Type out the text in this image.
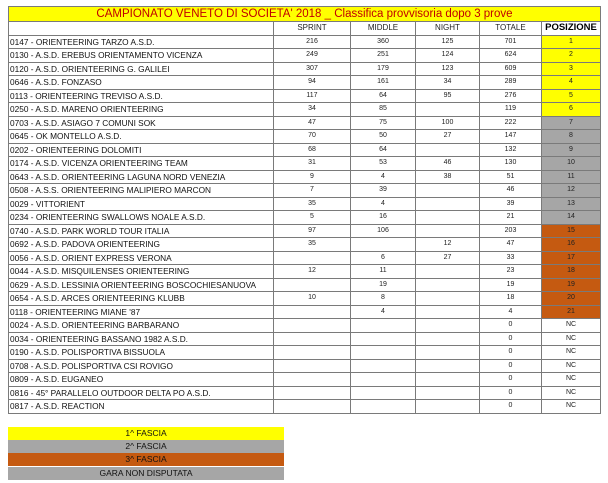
CAMPIONATO VENETO DI SOCIETA' 2018 _ Classifica provvisoria dopo 3 prove					
	SPRINT	MIDDLE	NIGHT	TOTALE	POSIZIONE
0147 - ORIENTEERING TARZO A.S.D.	216	360	125	701	1
0130 - A.S.D. EREBUS ORIENTAMENTO VICENZA	249	251	124	624	2
0120 - A.S.D. ORIENTEERING G. GALILEI	307	179	123	609	3
0646 - A.S.D. FONZASO	94	161	34	289	4
0113 - ORIENTEERING TREVISO A.S.D.	117	64	95	276	5
0250 - A.S.D. MARENO ORIENTEERING	34	85		119	6
0703 - A.S.D. ASIAGO 7 COMUNI SOK	47	75	100	222	7
0645 - OK MONTELLO A.S.D.	70	50	27	147	8
0202 - ORIENTEERING DOLOMITI	68	64		132	9
0174 - A.S.D. VICENZA ORIENTEERING TEAM	31	53	46	130	10
0643 - A.S.D. ORIENTEERING LAGUNA NORD VENEZIA	9	4	38	51	11
0508 - A.S.S. ORIENTEERING MALIPIERO MARCON	7	39		46	12
0029 - VITTORIENT	35	4		39	13
0234 - ORIENTEERING SWALLOWS NOALE A.S.D.	5	16		21	14
0740 - A.S.D. PARK WORLD TOUR ITALIA	97	106		203	15
0692 - A.S.D. PADOVA ORIENTEERING	35		12	47	16
0056 - A.S.D. ORIENT EXPRESS VERONA		6	27	33	17
0044 - A.S.D. MISQUILENSES ORIENTEERING	12	11		23	18
0629 - A.S.D. LESSINIA ORIENTEERING BOSCOCHIESANUOVA		19		19	19
0654 - A.S.D. ARCES ORIENTEERING KLUBB	10	8		18	20
0118 - ORIENTEERING MIANE '87		4		4	21
0024 - A.S.D. ORIENTEERING BARBARANO				0	NC
0034 - ORIENTEERING BASSANO 1982 A.S.D.				0	NC
0190 - A.S.D. POLISPORTIVA BISSUOLA				0	NC
0708 - A.S.D. POLISPORTIVA CSI ROVIGO				0	NC
0809 - A.S.D. EUGANEO				0	NC
0816 - 45° PARALLELO OUTDOOR DELTA PO A.S.D.				0	NC
0817 - A.S.D. REACTION				0	NC
1^ FASCIA
2^ FASCIA
3^ FASCIA
GARA NON DISPUTATA
